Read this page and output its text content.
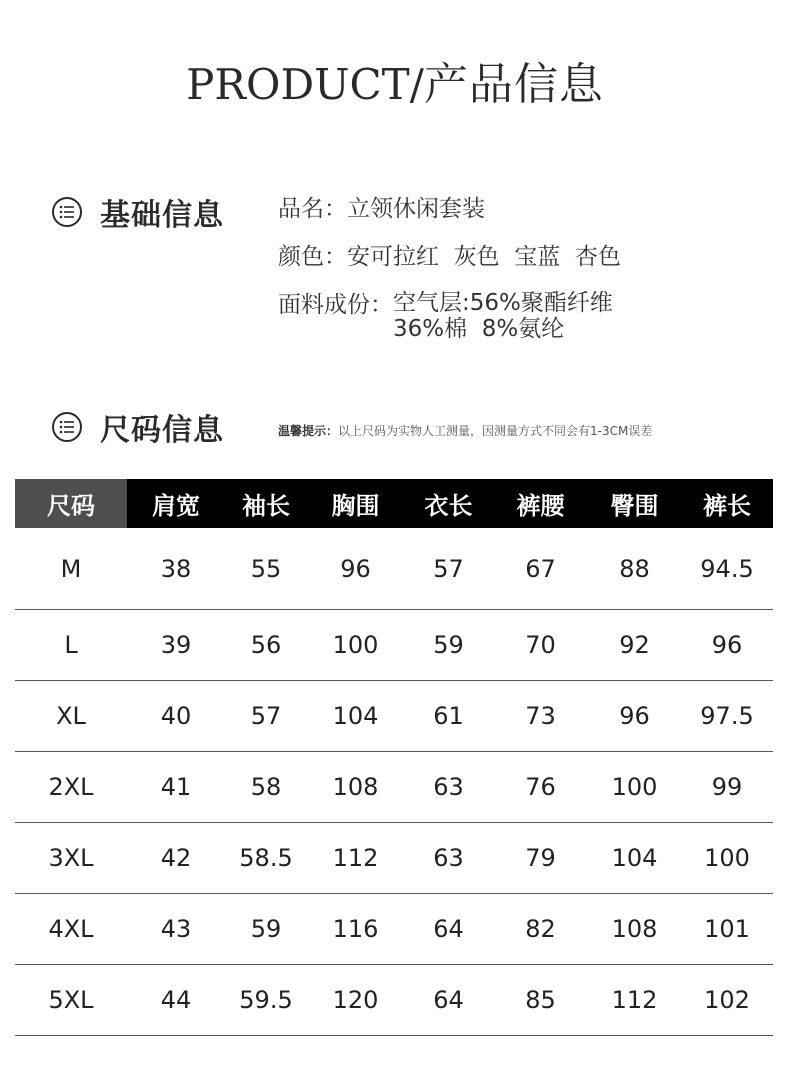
PRODUCT/产品信息
基础信息 品名： 立领休闲套装
颜色： 安可拉红  灰色  宝蓝  杏色
面料成份： 空气层:56%聚酯纤维
36%棉  8%氨纶
尺码信息	温馨提示：以上尺码为实物人工测量，因测量方式不同会有1-3CM误差
尺码	肩宽	袖长	胸围	衣长	裤腰	臀围	裤长
M	38	55	96	57	67	88	94.5
L	39	56	100	59	70	92	96
XL	40	57	104	61	73	96	97.5
2XL	41	58	108	63	76	100	99
3XL	42	58.5	112	63	79	104	100
4XL	43	59	116	64	82	108	101
5XL	44	59.5	120	64	85	112	102
